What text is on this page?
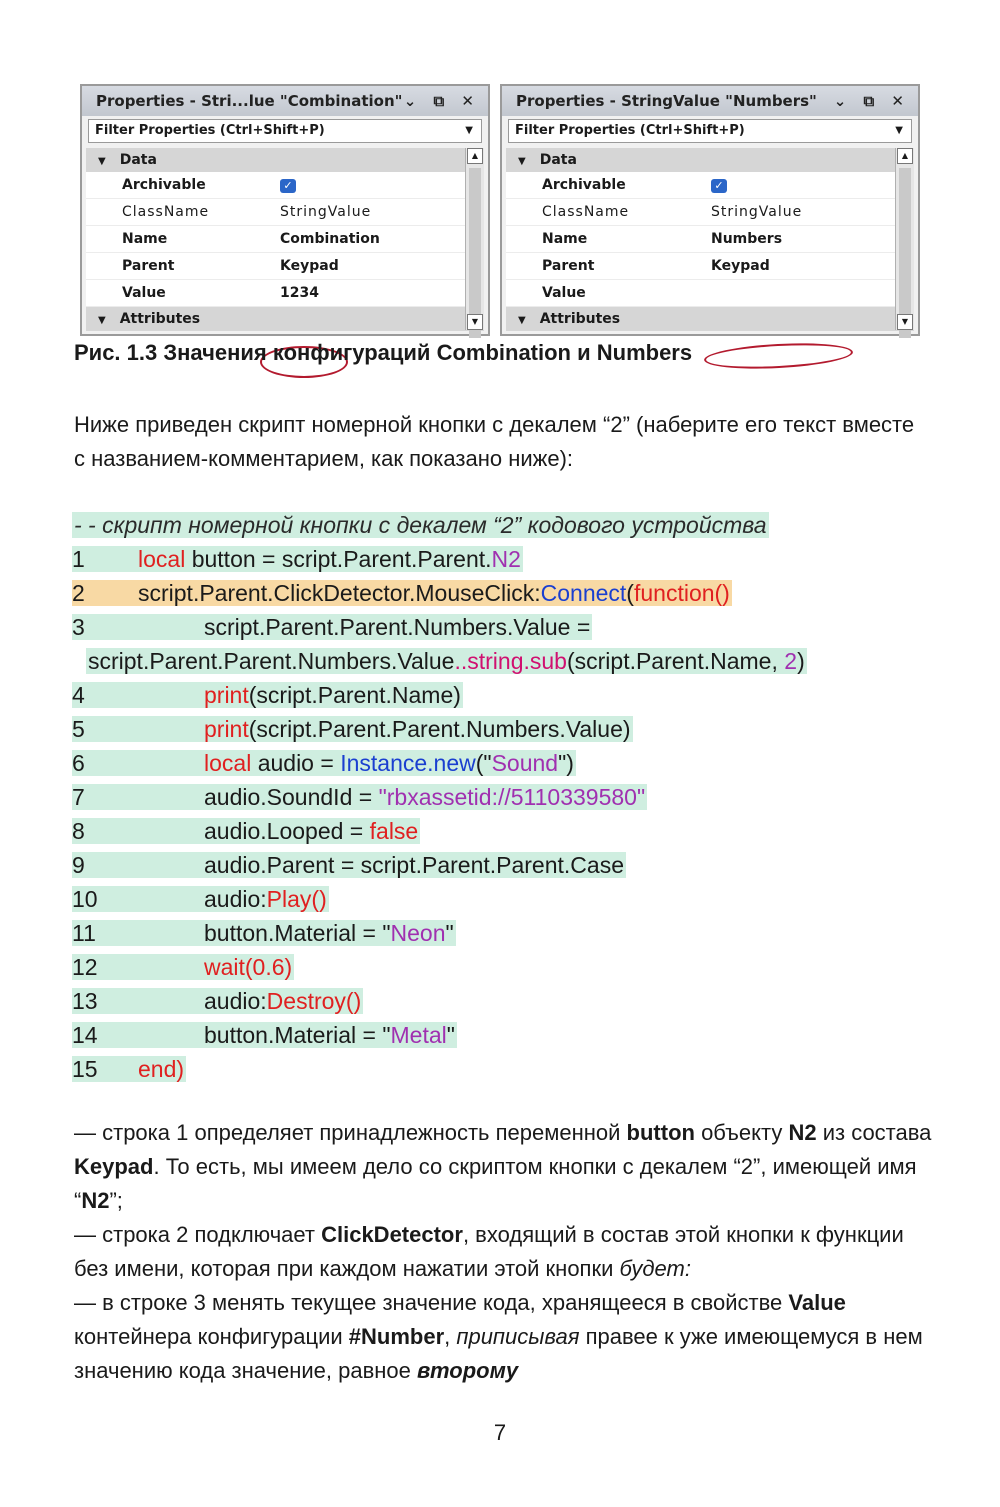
Properties - Stri...lue "Combination" ⌄ ⧉ ✕
Filter Properties (Ctrl+Shift+P)	▼
▼ Data
Archivable	✓
ClassName	StringValue
Name	Combination
Parent	Keypad
Value	1234
▼ Attributes
▲
▼
Properties - StringValue "Numbers" ⌄ ⧉ ✕
Filter Properties (Ctrl+Shift+P)	▼
▼ Data
Archivable	✓
ClassName	StringValue
Name	Numbers
Parent	Keypad
Value
▼ Attributes
▲
▼
Рис. 1.3 Значения конфигураций Combination и Numbers
Ниже приведен скрипт номерной кнопки с декалем “2” (наберите его текст вместе с названием-комментарием, как показано ниже):
- - скрипт номерной кнопки с декалем “2” кодового устройства
1	local button = script.Parent.Parent.N2
2	script.Parent.ClickDetector.MouseClick:Connect(function()
3	script.Parent.Parent.Numbers.Value =
script.Parent.Parent.Numbers.Value..string.sub(script.Parent.Name, 2)
4	print(script.Parent.Name)
5	print(script.Parent.Parent.Numbers.Value)
6	local audio = Instance.new("Sound")
7	audio.SoundId = "rbxassetid://5110339580"
8	audio.Looped = false
9	audio.Parent = script.Parent.Parent.Case
10	audio:Play()
11	button.Material = "Neon"
12	wait(0.6)
13	audio:Destroy()
14	button.Material = "Metal"
15	end)
— строка 1 определяет принадлежность переменной button объекту N2 из состава Keypad. То есть, мы имеем дело со скриптом кнопки с декалем “2”, имеющей имя “N2”;
— строка 2 подключает ClickDetector, входящий в состав этой кнопки к функции без имени, которая при каждом нажатии этой кнопки будет:
— в строке 3 менять текущее значение кода, хранящееся в свойстве Value контейнера конфигурации #Number, приписывая правее к уже имеющемуся в нем значению кода значение, равное второму
7
